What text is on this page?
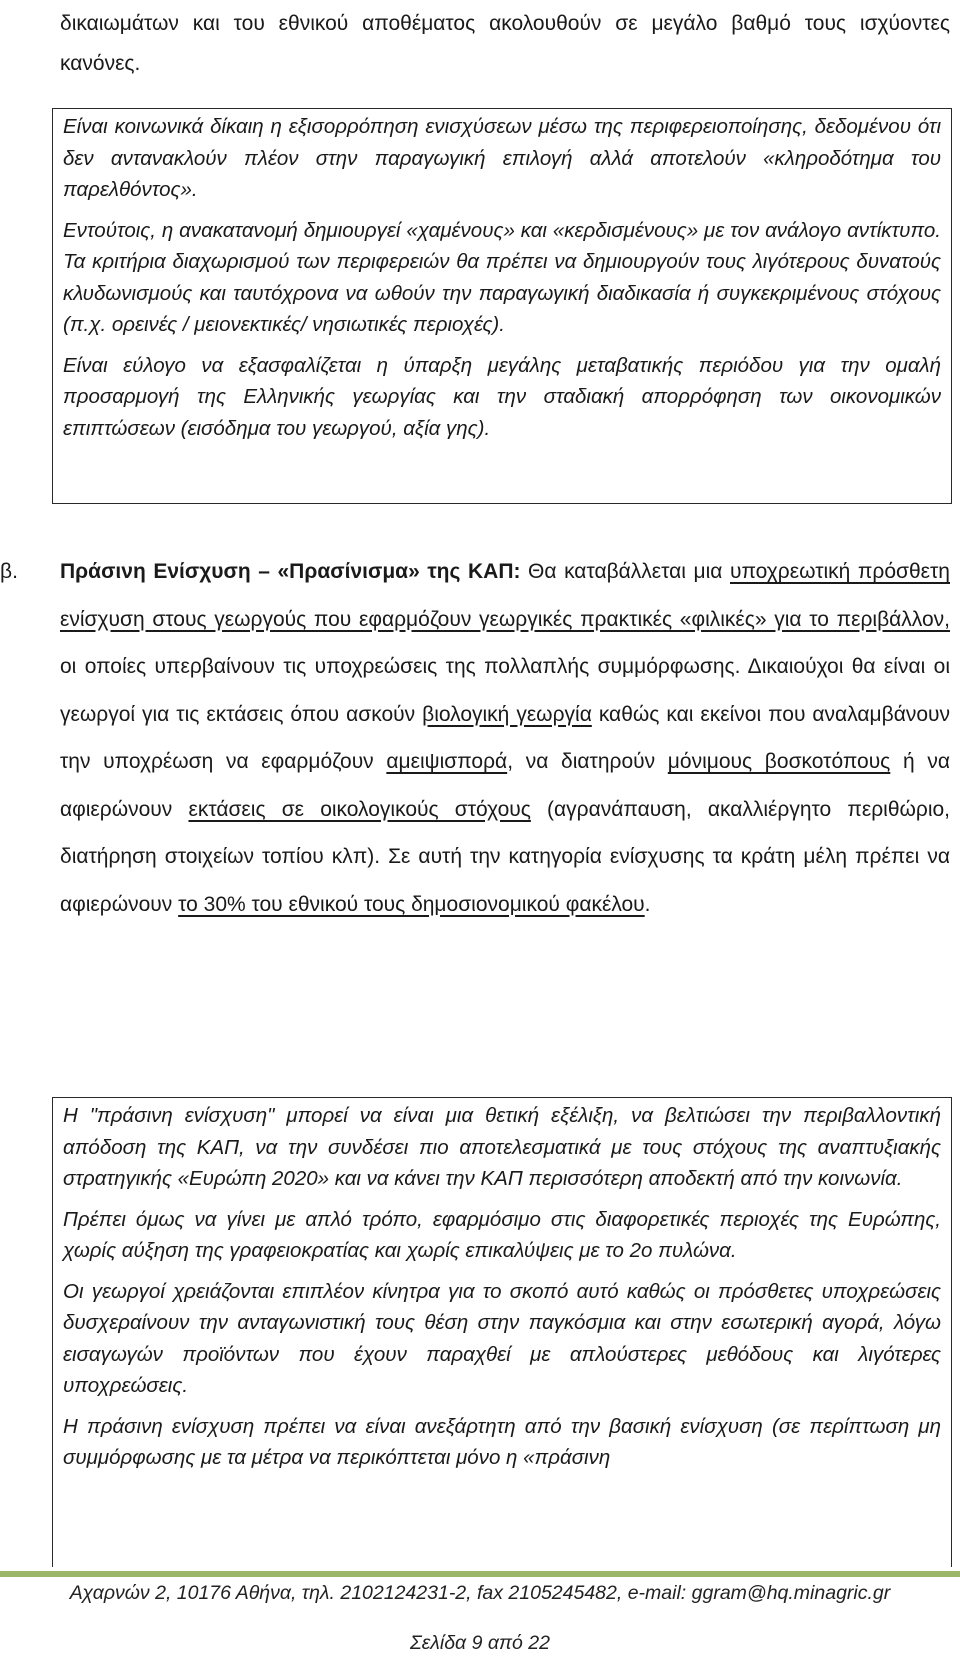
δικαιωμάτων και του εθνικού αποθέματος ακολουθούν σε μεγάλο βαθμό τους ισχύοντες κανόνες.

Είναι κοινωνικά δίκαιη η εξισορρόπηση ενισχύσεων μέσω της περιφερειοποίησης, δεδομένου ότι δεν αντανακλούν πλέον στην παραγωγική επιλογή αλλά αποτελούν «κληροδότημα του παρελθόντος».

Εντούτοις, η ανακατανομή δημιουργεί «χαμένους» και «κερδισμένους» με τον ανάλογο αντίκτυπο. Τα κριτήρια διαχωρισμού των περιφερειών θα πρέπει να δημιουργούν τους λιγότερους δυνατούς κλυδωνισμούς και ταυτόχρονα να ωθούν την παραγωγική διαδικασία ή συγκεκριμένους στόχους (π.χ. ορεινές / μειονεκτικές/ νησιωτικές περιοχές).

Είναι εύλογο να εξασφαλίζεται η ύπαρξη μεγάλης μεταβατικής περιόδου για την ομαλή προσαρμογή της Ελληνικής γεωργίας και την σταδιακή απορρόφηση των οικονομικών επιπτώσεων (εισόδημα του γεωργού, αξία γης).

β.	Πράσινη Ενίσχυση – «Πρασίνισμα» της ΚΑΠ: Θα καταβάλλεται μια υποχρεωτική πρόσθετη ενίσχυση στους γεωργούς που εφαρμόζουν γεωργικές πρακτικές «φιλικές» για το περιβάλλον, οι οποίες υπερβαίνουν τις υποχρεώσεις της πολλαπλής συμμόρφωσης. Δικαιούχοι θα είναι οι γεωργοί για τις εκτάσεις όπου ασκούν βιολογική γεωργία καθώς και εκείνοι που αναλαμβάνουν την υποχρέωση να εφαρμόζουν αμειψισπορά, να διατηρούν μόνιμους βοσκοτόπους ή να αφιερώνουν εκτάσεις σε οικολογικούς στόχους (αγρανάπαυση, ακαλλιέργητο περιθώριο, διατήρηση στοιχείων τοπίου κλπ). Σε αυτή την κατηγορία ενίσχυσης τα κράτη μέλη πρέπει να αφιερώνουν το 30% του εθνικού τους δημοσιονομικού φακέλου.

Η "πράσινη ενίσχυση" μπορεί να είναι μια θετική εξέλιξη, να βελτιώσει την περιβαλλοντική απόδοση της ΚΑΠ, να την συνδέσει πιο αποτελεσματικά με τους στόχους της αναπτυξιακής στρατηγικής «Ευρώπη 2020» και να κάνει την ΚΑΠ περισσότερη αποδεκτή από την κοινωνία.

Πρέπει όμως να γίνει με απλό τρόπο, εφαρμόσιμο στις διαφορετικές περιοχές της Ευρώπης, χωρίς αύξηση της γραφειοκρατίας και χωρίς επικαλύψεις με το 2ο πυλώνα.

Οι γεωργοί χρειάζονται επιπλέον κίνητρα για το σκοπό αυτό καθώς οι πρόσθετες υποχρεώσεις δυσχεραίνουν την ανταγωνιστική τους θέση στην παγκόσμια και στην εσωτερική αγορά, λόγω εισαγωγών προϊόντων που έχουν παραχθεί με απλούστερες μεθόδους και λιγότερες υποχρεώσεις.

Η πράσινη ενίσχυση πρέπει να είναι ανεξάρτητη από την βασική ενίσχυση (σε περίπτωση μη συμμόρφωσης με τα μέτρα να περικόπτεται μόνο η «πράσινη

Αχαρνών 2, 10176 Αθήνα, τηλ. 2102124231-2, fax 2105245482, e-mail: ggram@hq.minagric.gr
Σελίδα 9 από 22
